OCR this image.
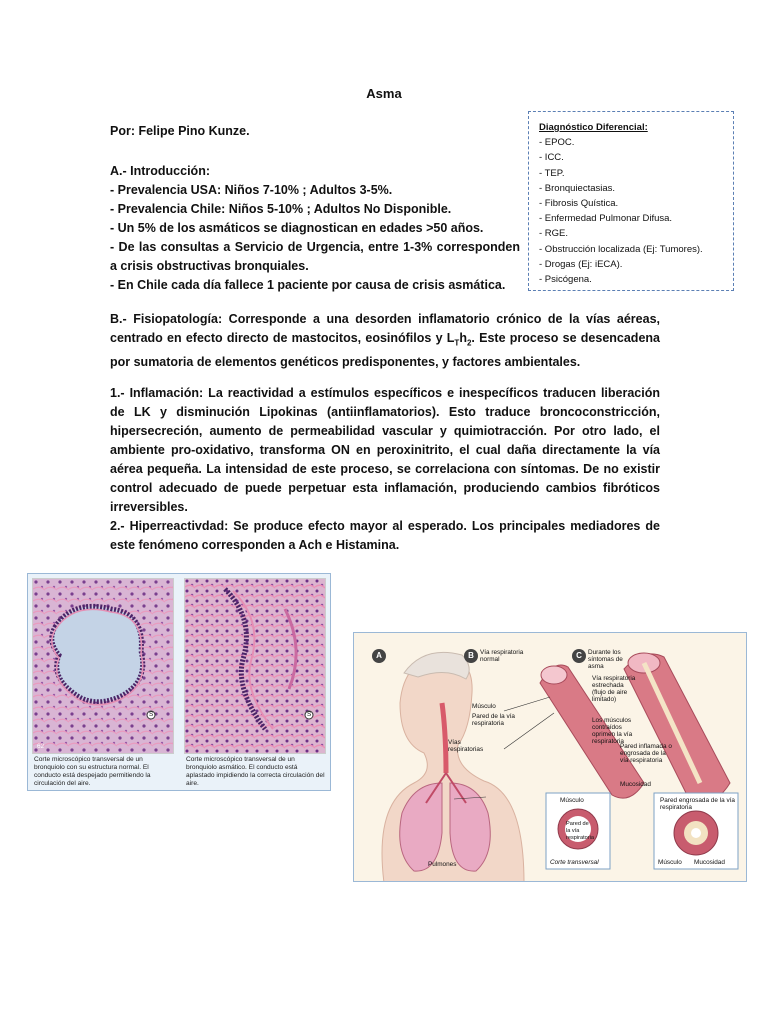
Asma
Por: Felipe Pino Kunze.
A.- Introducción:
- Prevalencia USA: Niños 7-10% ; Adultos 3-5%.
- Prevalencia Chile: Niños 5-10% ; Adultos No Disponible.
- Un 5% de los asmáticos se diagnostican en edades >50 años.
- De las consultas a Servicio de Urgencia, entre 1-3% corresponden a crisis obstructivas bronquiales.
- En Chile cada día fallece 1 paciente por causa de crisis asmática.
Diagnóstico Diferencial:
- EPOC.
- ICC.
- TEP.
- Bronquiectasias.
- Fibrosis Quística.
- Enfermedad Pulmonar Difusa.
- RGE.
- Obstrucción localizada (Ej: Tumores).
- Drogas (Ej: iECA).
- Psicógena.
B.- Fisiopatología: Corresponde a una desorden inflamatorio crónico de la vías aéreas, centrado en efecto directo de mastocitos, eosinófilos y $L_Th_2$. Este proceso se desencadena por sumatoria de elementos genéticos predisponentes, y factores ambientales.
1.- Inflamación: La reactividad a estímulos específicos e inespecíficos traducen liberación de LK y disminución Lipokinas (antiinflamatorios). Esto traduce broncoconstricción, hipersecreción, aumento de permeabilidad vascular y quimiotracción. Por otro lado, el ambiente pro-oxidativo, transforma ON en peroxinitrito, el cual daña directamente la vía aérea pequeña. La intensidad de este proceso, se correlaciona con síntomas. De no existir control adecuado de puede perpetuar esta inflamación, produciendo cambios fibróticos irreversibles.
2.- Hiperreactivdad: Se produce efecto mayor al esperado. Los principales mediadores de este fenómeno corresponden a Ach e Histamina.
62
S	S
Corte microscópico transversal de un bronquiolo con su estructura normal. El conducto está despejado permitiendo la circulación del aire.
Corte microscópico transversal de un bronquiolo asmático. El conducto está aplastado impidiendo la correcta circulación del aire.
A	B	C
Vía respiratoria normal
Durante los síntomas de asma
Músculo
Pared de la vía respiratoria
Vías respiratorias
Vía respiratoria estrechada (flujo de aire limitado)
Los músculos contraídos oprimen la vía respiratoria
Pared inflamada o engrosada de la vía respiratoria
Mucosidad
Pulmones
Músculo
Pared de la vía respiratoria
Corte transversal
Pared engrosada de la vía respiratoria
Músculo Mucosidad
